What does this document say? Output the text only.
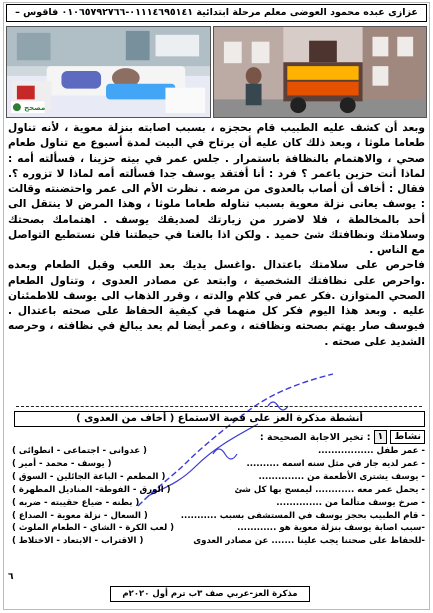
عزازى عبده محمود العوضى معلم مرحلة ابتدائية ٠١١١٤٦٩٥١٤١-٠١٠٦٥٧٩٢٧٦٦ فاقوس –
مصحح

وبعد أن كشف عليه الطبيب قام بحجزه ، بسبب اصابته بنزلة معوية ، لأنه تناول طعاما ملوثا ، وبعد ذلك كان عليه أن يرتاح في البيت لمدة أسبوع مع تناول طعام صحي ، والاهتمام بالنظافة باستمرار . جلس عمر في بيته حزينا ، فسألته أمه : لماذا أنت حزين ياعمر ؟ فرد : أنا أفتقد يوسف جدا فسألته أمه لماذا لا تزوره ؟. فقال : أخاف أن أصاب بالعدوى من مرضه . نظرت الأم الى عمر واحتضنته وقالت : يوسف يعانى نزلة معوية بسبب تناوله طعاما ملوثا ، وهذا المرض لا ينتقل الى أحد بالمخالطة ، فلا لاضرر من زيارتك لصديقك يوسف . اهتمامك بصحتك وسلامتك ونظافتك شئ حميد . ولكن اذا بالغنا في حيطتنا فلن نستطيع التواصل مع الناس .

فاحرص على سلامتك باعتدال .واغسل يديك بعد اللعب وقبل الطعام وبعده .واحرص على نظافتك الشخصية ، وابتعد عن مصادر العدوى ، وتناول الطعام الصحي المتوازن .فكر عمر في كلام والدته ، وقرر الذهاب الى يوسف للاطمئنان عليه . وبعد هذا اليوم فكر كل منهما في كيفية الحفاظ على صحته باعتدال . فيوسف صار يهتم بصحته ونظافته ، وعمر أيضا لم يعد يبالغ في نظافته ، وحرصه الشديد على صحته .

أنشطة مذكرة العز على قصة الاستماع ( أخاف من العدوى )
نشاط
١
: تخير الاجابة الصحيحة :
- عمر طفل .................
( عدوانى - اجتماعى - انطوائى )
- عمر لديه جار في مثل سنه اسمه ..........
( يوسف - محمد - أمير )
- يوسف يشترى الأطعمة من ..............
( المطعم - الباعة الجائلين - السوق )
- يحمل عمر معه ............ ليمسح بها كل شئ
( الورق - الفوطة- المناديل المطهرة )
- صرخ يوسف متألما من ..............
( بطنه - ضياع حقيبته - ضربه )
- قام الطبيب بحجز يوسف في المستشفى بسبب ...........
( السعال - نزلة معوية - الصداع )
-سبب اصابة يوسف بنزلة معوية هو ............
( لعب الكرة - الشاي - الطعام الملوث )
-للحفاظ على صحتنا يجب علينا ....... عن مصادر العدوى
( الاقتراب - الابتعاد - الاختلاط )
٦
مذكرة العز-عربي صف ٣ب ترم أول ٢٠٢٠م
